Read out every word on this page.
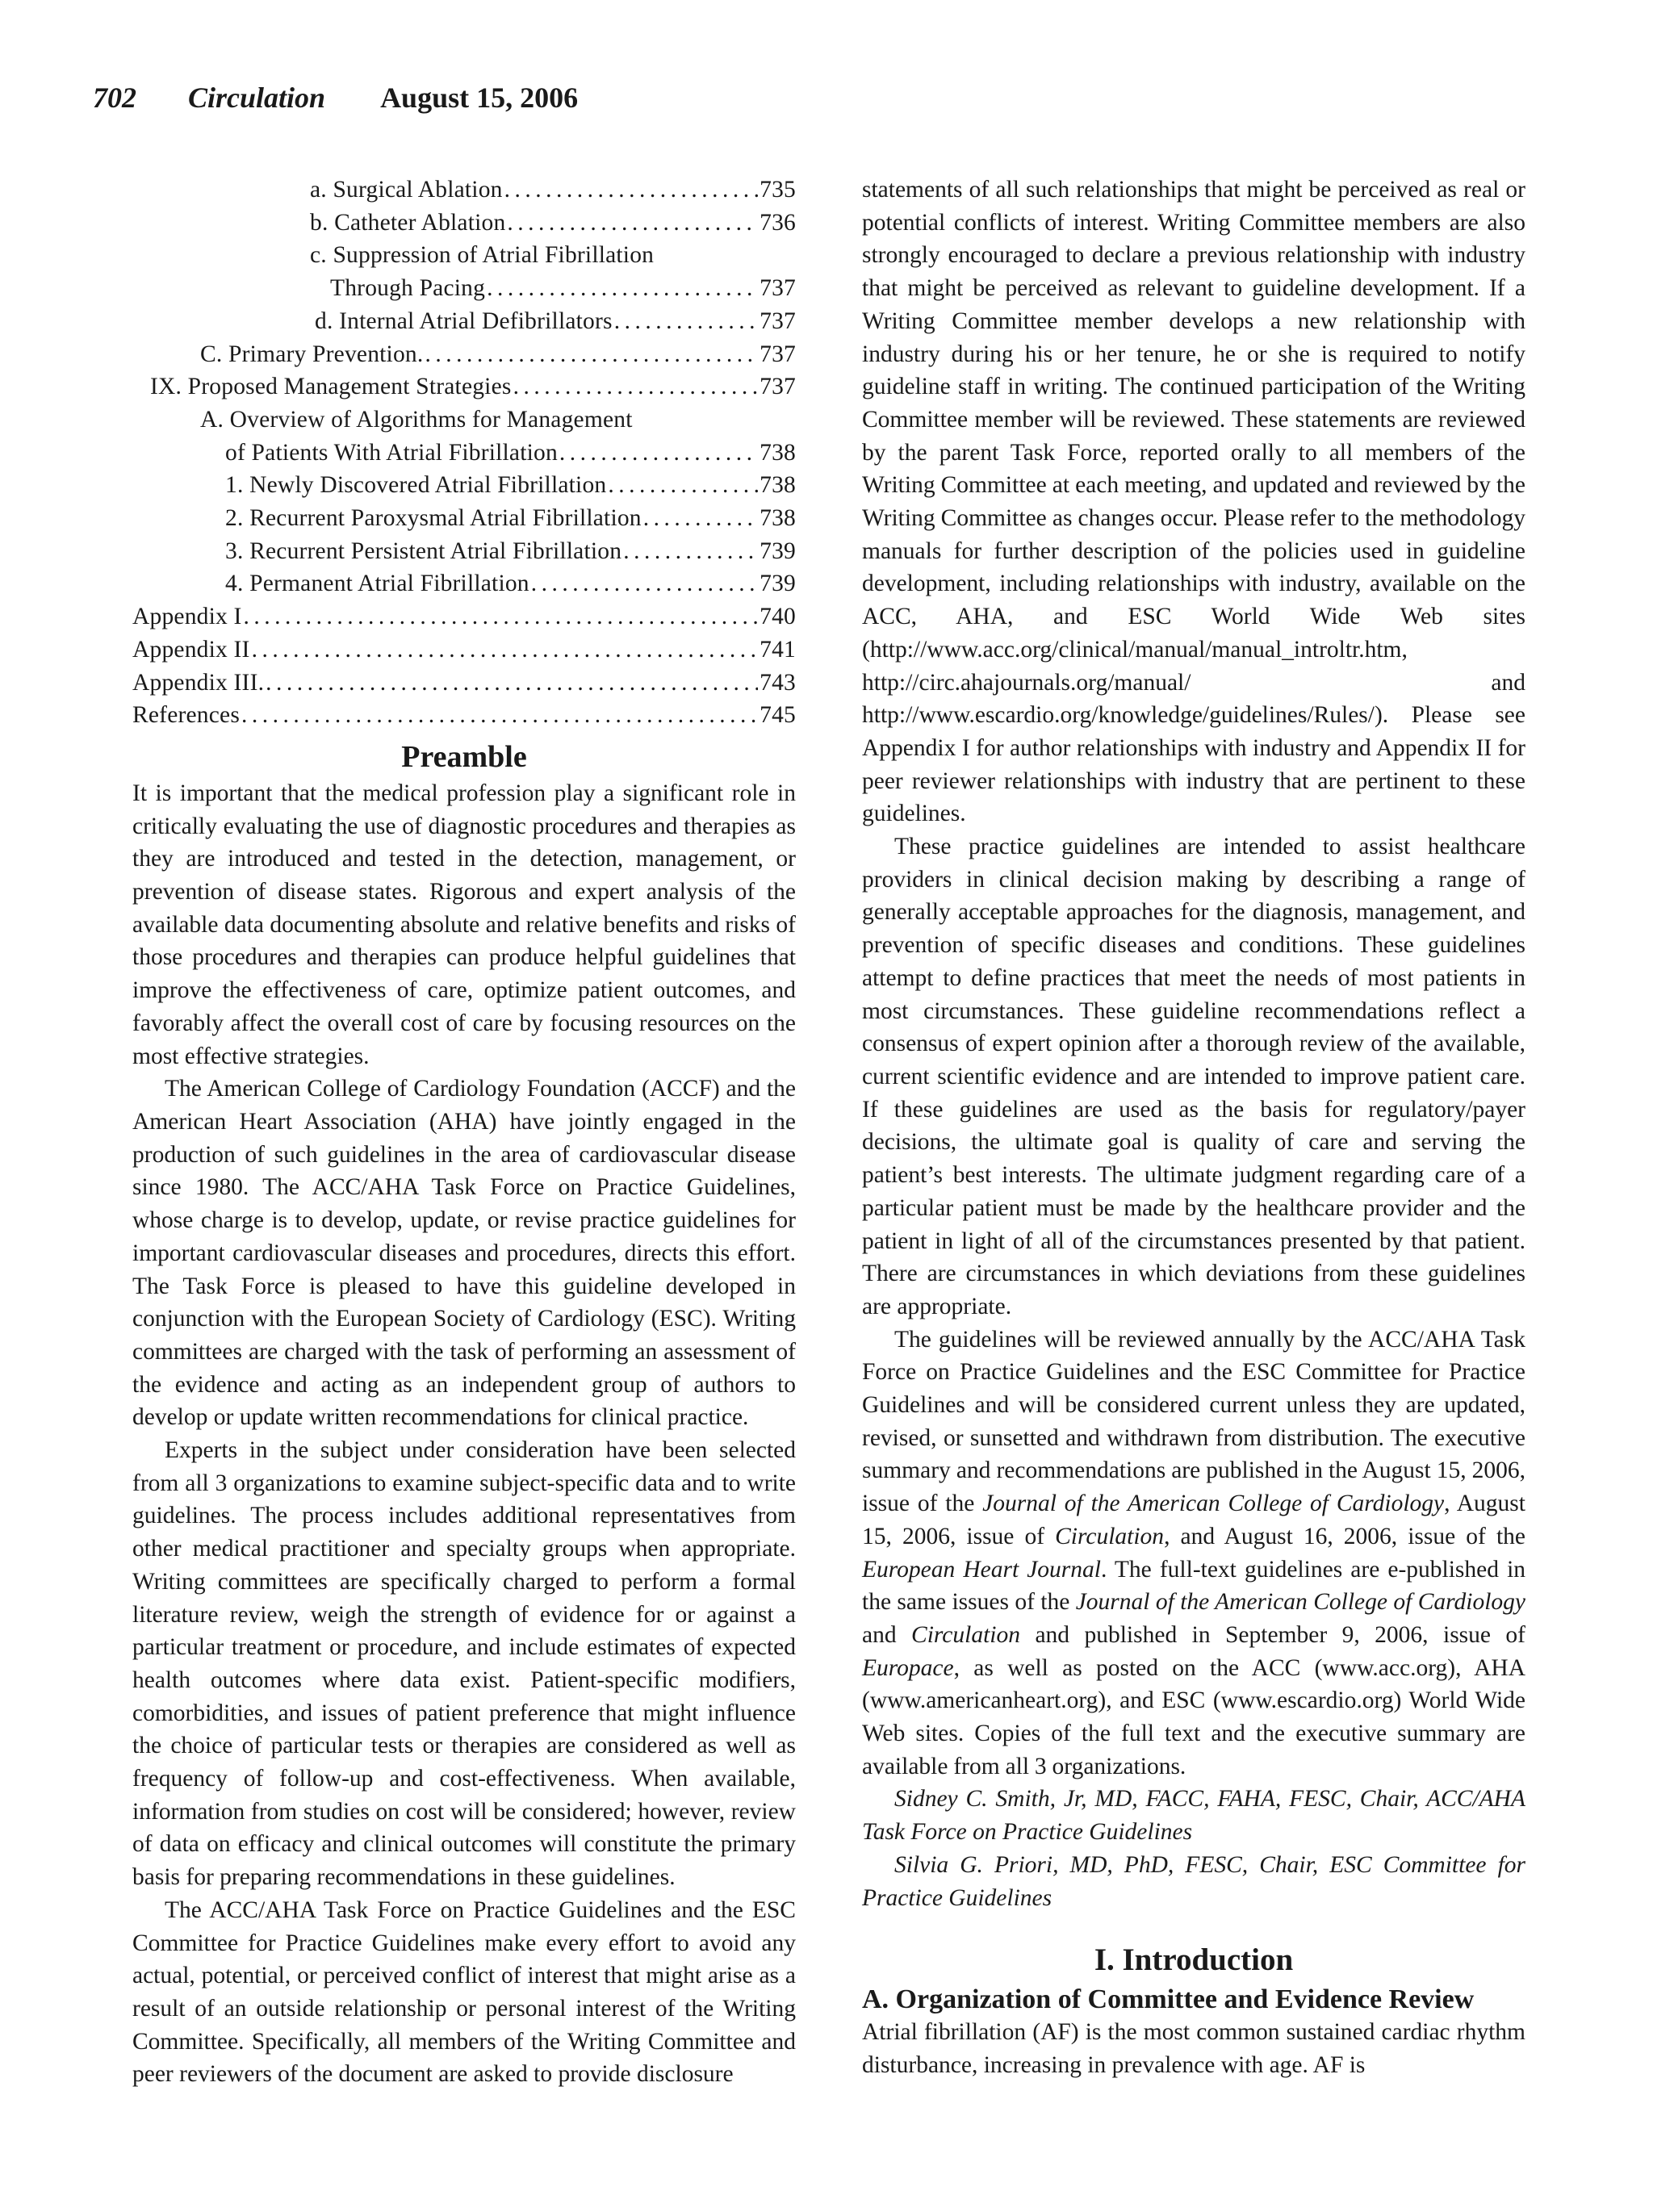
702 Circulation August 15, 2006
a. Surgical Ablation .....	735
b. Catheter Ablation .....	736
c. Suppression of Atrial Fibrillation
Through Pacing .....	737
d. Internal Atrial Defibrillators .....	737
C. Primary Prevention. .....	737
IX. Proposed Management Strategies .....	737
A. Overview of Algorithms for Management
of Patients With Atrial Fibrillation .....	738
1. Newly Discovered Atrial Fibrillation .....	738
2. Recurrent Paroxysmal Atrial Fibrillation .....	738
3. Recurrent Persistent Atrial Fibrillation .....	739
4. Permanent Atrial Fibrillation .....	739
Appendix I .....	740
Appendix II .....	741
Appendix III. .....	743
References .....	745
Preamble

It is important that the medical profession play a significant role in critically evaluating the use of diagnostic procedures and therapies as they are introduced and tested in the detection, management, or prevention of disease states. Rigorous and expert analysis of the available data documenting absolute and relative benefits and risks of those procedures and therapies can produce helpful guidelines that improve the effectiveness of care, optimize patient outcomes, and favorably affect the overall cost of care by focusing resources on the most effective strategies.

The American College of Cardiology Foundation (ACCF) and the American Heart Association (AHA) have jointly engaged in the production of such guidelines in the area of cardiovascular disease since 1980. The ACC/AHA Task Force on Practice Guidelines, whose charge is to develop, update, or revise practice guidelines for important cardiovascular diseases and procedures, directs this effort. The Task Force is pleased to have this guideline developed in conjunction with the European Society of Cardiology (ESC). Writing committees are charged with the task of performing an assessment of the evidence and acting as an independent group of authors to develop or update written recommendations for clinical practice.

Experts in the subject under consideration have been selected from all 3 organizations to examine subject-specific data and to write guidelines. The process includes additional representatives from other medical practitioner and specialty groups when appropriate. Writing committees are specifically charged to perform a formal literature review, weigh the strength of evidence for or against a particular treatment or procedure, and include estimates of expected health outcomes where data exist. Patient-specific modifiers, comorbidities, and issues of patient preference that might influence the choice of particular tests or therapies are considered as well as frequency of follow-up and cost-effectiveness. When available, information from studies on cost will be considered; however, review of data on efficacy and clinical outcomes will constitute the primary basis for preparing recommendations in these guidelines.

The ACC/AHA Task Force on Practice Guidelines and the ESC Committee for Practice Guidelines make every effort to avoid any actual, potential, or perceived conflict of interest that might arise as a result of an outside relationship or personal interest of the Writing Committee. Specifically, all members of the Writing Committee and peer reviewers of the document are asked to provide disclosure

statements of all such relationships that might be perceived as real or potential conflicts of interest. Writing Committee members are also strongly encouraged to declare a previous relationship with industry that might be perceived as relevant to guideline development. If a Writing Committee member develops a new relationship with industry during his or her tenure, he or she is required to notify guideline staff in writing. The continued participation of the Writing Committee member will be reviewed. These statements are reviewed by the parent Task Force, reported orally to all members of the Writing Committee at each meeting, and updated and reviewed by the Writing Committee as changes occur. Please refer to the methodology manuals for further description of the policies used in guideline development, including relationships with industry, available on the ACC, AHA, and ESC World Wide Web sites (http://www.acc.org/clinical/manual/manual_introltr.htm, http://circ.ahajournals.org/manual/ and http://www.escardio.org/knowledge/guidelines/Rules/). Please see Appendix I for author relationships with industry and Appendix II for peer reviewer relationships with industry that are pertinent to these guidelines.

These practice guidelines are intended to assist healthcare providers in clinical decision making by describing a range of generally acceptable approaches for the diagnosis, management, and prevention of specific diseases and conditions. These guidelines attempt to define practices that meet the needs of most patients in most circumstances. These guideline recommendations reflect a consensus of expert opinion after a thorough review of the available, current scientific evidence and are intended to improve patient care. If these guidelines are used as the basis for regulatory/payer decisions, the ultimate goal is quality of care and serving the patient’s best interests. The ultimate judgment regarding care of a particular patient must be made by the healthcare provider and the patient in light of all of the circumstances presented by that patient. There are circumstances in which deviations from these guidelines are appropriate.

The guidelines will be reviewed annually by the ACC/AHA Task Force on Practice Guidelines and the ESC Committee for Practice Guidelines and will be considered current unless they are updated, revised, or sunsetted and withdrawn from distribution. The executive summary and recommendations are published in the August 15, 2006, issue of the Journal of the American College of Cardiology, August 15, 2006, issue of Circulation, and August 16, 2006, issue of the European Heart Journal. The full-text guidelines are e-published in the same issues of the Journal of the American College of Cardiology and Circulation and published in September 9, 2006, issue of Europace, as well as posted on the ACC (www.acc.org), AHA (www.americanheart.org), and ESC (www.escardio.org) World Wide Web sites. Copies of the full text and the executive summary are available from all 3 organizations.

Sidney C. Smith, Jr, MD, FACC, FAHA, FESC, Chair, ACC/AHA Task Force on Practice Guidelines

Silvia G. Priori, MD, PhD, FESC, Chair, ESC Committee for Practice Guidelines

I. Introduction
A. Organization of Committee and Evidence Review

Atrial fibrillation (AF) is the most common sustained cardiac rhythm disturbance, increasing in prevalence with age. AF is
